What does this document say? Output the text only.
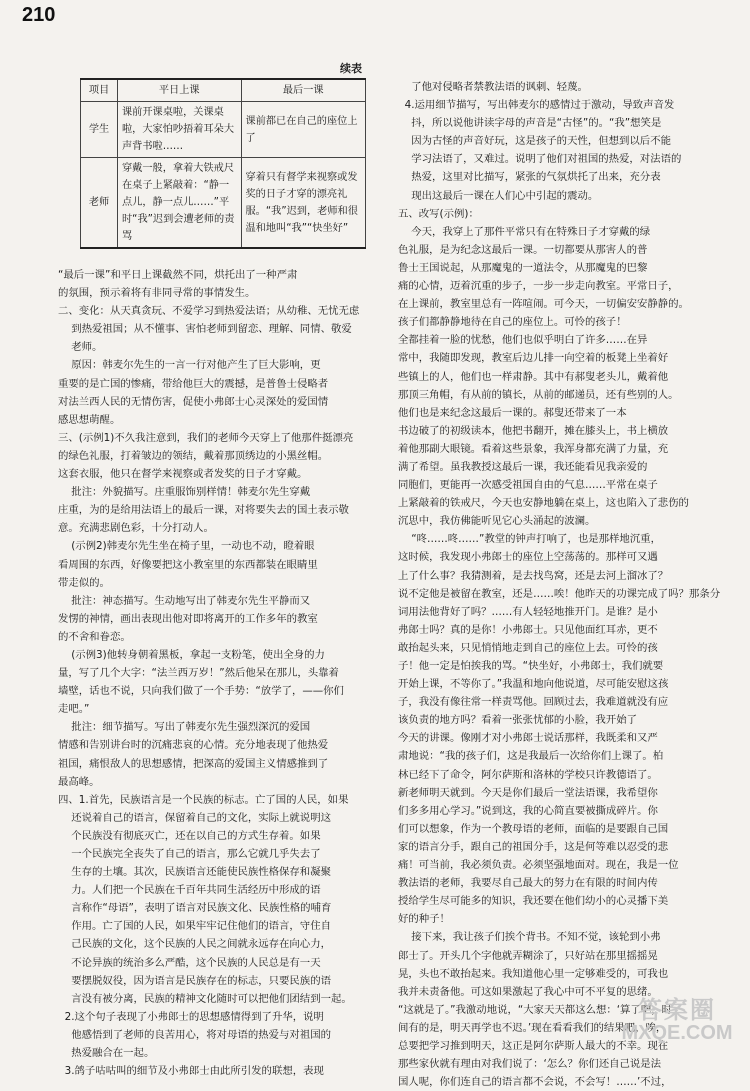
210
续表
项目	平日上课	最后一课
学生	课前开课桌啦，关课桌啦，大家怕吵捂着耳朵大声背书啦……	课前都已在自己的座位上了
老师	穿戴一般，拿着大铁戒尺在桌子上紧敲着：“静一点儿，静一点儿……”平时“我”迟到会遭老师的责骂	穿着只有督学来视察或发奖的日子才穿的漂亮礼服。“我”迟到，老师和很温和地叫“我”“快坐好”

“最后一课”和平日上课截然不同，烘托出了一种严肃

的氛围，预示着将有非同寻常的事情发生。

二、变化：从天真贪玩、不爱学习到热爱法语；从幼稚、无忧无虑

到热爱祖国；从不懂事、害怕老师到留恋、理解、同情、敬爱

老师。

原因：韩麦尔先生的一言一行对他产生了巨大影响，更

重要的是亡国的惨痛，带给他巨大的震撼，是普鲁士侵略者

对法兰西人民的无情伤害，促使小弗郎士心灵深处的爱国情

感思想萌醒。

三、(示例1)不久我注意到，我们的老师今天穿上了他那件挺漂亮

的绿色礼服，打着皱边的领结，戴着那顶绣边的小黑丝帽。

这套衣服，他只在督学来视察或者发奖的日子才穿戴。

批注：外貌描写。庄重服饰别样情！韩麦尔先生穿戴

庄重，为的是给用法语上的最后一课，对将要失去的国土表示敬

意。充满悲剧色彩，十分打动人。

(示例2)韩麦尔先生坐在椅子里，一动也不动，瞪着眼

看周围的东西，好像要把这小教室里的东西都装在眼睛里

带走似的。

批注：神态描写。生动地写出了韩麦尔先生平静而又

发愣的神情，画出表现出他对即将离开的工作多年的教室

的不舍和眷恋。

(示例3)他转身朝着黑板，拿起一支粉笔，使出全身的力

量，写了几个大字：“法兰西万岁！”然后他呆在那儿，头靠着

墙壁，话也不说，只向我们做了一个手势：“放学了，——你们

走吧。”

批注：细节描写。写出了韩麦尔先生强烈深沉的爱国

情感和告别讲台时的沉痛悲哀的心情。充分地表现了他热爱

祖国，痛恨敌人的思想感情，把深高的爱国主义情感推到了

最高峰。

四、1.首先，民族语言是一个民族的标志。亡了国的人民，如果

还说着自己的语言，保留着自己的文化，实际上就说明这

个民族没有彻底灭亡，还在以自己的方式生存着。如果

一个民族完全丧失了自己的语言，那么它就几乎失去了

生存的土壤。其次，民族语言还能使民族性格保存和凝聚

力。人们把一个民族在千百年共同生活经历中形成的语

言称作“母语”，表明了语言对民族文化、民族性格的哺育

作用。亡了国的人民，如果牢牢记住他们的语言，守住自

己民族的文化，这个民族的人民之间就永远存在向心力，

不论异族的统治多么严酷，这个民族的人民总是有一天

要摆脱奴役，因为语言是民族存在的标志，只要民族的语

言没有被分离，民族的精神文化随时可以把他们团结到一起。

2.这个句子表现了小弗郎士的思想感情得到了升华，说明

他感悟到了老师的良苦用心，将对母语的热爱与对祖国的

热爱融合在一起。

3.鸽子咕咕叫的细节及小弗郎士由此所引发的联想，表现

了他对侵略者禁教法语的讽刺、轻蔑。

4.运用细节描写，写出韩麦尔的感情过于激动，导致声音发

抖，所以说他讲读字母的声音是“古怪”的。“我”想笑是

因为古怪的声音好玩，这是孩子的天性，但想到以后不能

学习法语了，又难过。说明了他们对祖国的热爱，对法语的

热爱，这里对比描写，紧张的气氛烘托了出来，充分表

现出这最后一课在人们心中引起的震动。

五、改写(示例)：

今天，我穿上了那件平常只有在特殊日子才穿戴的绿

色礼服，是为纪念这最后一课。一切都要从那害人的普

鲁士王国说起，从那魔鬼的一道法令，从那魔鬼的巴黎

痛的心情，迈着沉重的步子，一步一步走向教室。平常日子，

在上课前，教室里总有一阵喧闹。可今天，一切偏安安静静的。

孩子们都静静地待在自己的座位上。可怜的孩子！

全都挂着一脸的忧愁，他们也似乎明白了许多……在异

常中，我随即发现，教室后边儿排一向空着的板凳上坐着好

些镇上的人，他们也一样肃静。其中有郝叟老头儿，戴着他

那顶三角帽，有从前的镇长，从前的邮递员，还有些别的人。

他们也是来纪念这最后一课的。郝叟还带来了一本

书边破了的初级读本，他把书翻开，摊在膝头上，书上横放

着他那副大眼镜。看着这些景象，我浑身都充满了力量，充

满了希望。虽我教授这最后一课，我还能看见我亲爱的

同胞们，更能再一次感受祖国自由的气息……平常在桌子

上紧敲着的铁戒尺，今天也安静地躺在桌上，这也陷入了悲伤的

沉思中，我仿佛能听见它心头涌起的波澜。

“咚……咚……”教堂的钟声打响了，也是那样地沉重，

这时候，我发现小弗郎士的座位上空荡荡的。那样可又遇

上了什么事？我猜测着，是去找鸟窝，还是去河上溜冰了？

说不定他是被留在教室，还是……唉！他昨天的功课完成了吗？那条分

词用法他背好了吗？……有人轻轻地推开门。是谁？是小

弗郎士吗？真的是你！小弗郎士。只见他面红耳赤，更不

敢抬起头来，只见悄悄地走到自己的座位上去。可怜的孩

子！他一定是怕挨我的骂。“快坐好，小弗郎士，我们就要

开始上课，不等你了。”我温和地向他说道，尽可能安慰这孩

子，我没有像往常一样责骂他。回顾过去，我难道就没有应

该负责的地方吗？看着一张张忧郁的小脸，我开始了

今天的讲课。像刚才对小弗郎士说话那样，我既柔和又严

肃地说：“我的孩子们，这是我最后一次给你们上课了。柏

林已经下了命令，阿尔萨斯和洛林的学校只许教德语了。

新老师明天就到。今天是你们最后一堂法语课，我希望你

们多多用心学习。”说到这，我的心简直要被撕成碎片。你

们可以想象，作为一个教母语的老师，面临的是要跟自己国

家的语言分手，跟自己的祖国分手，这是何等难以忍受的悲

痛！可当前，我必须负责。必须坚强地面对。现在，我是一位

教法语的老师，我要尽自己最大的努力在有限的时间内传

授给学生尽可能多的知识，我还要在他们幼小的心灵播下美

好的种子！

接下来，我让孩子们挨个背书。不知不觉，该轮到小弗

郎士了。开头几个字他就弄糊涂了，只好站在那里摇摇晃

晃，头也不敢抬起来。我知道他心里一定够难受的，可我也

我并未责备他。可这如果激起了我心中可不平复的思绪。

“这就是了。”我激动地说，“大家天天都这么想：‘算了吧，时

间有的是，明天再学也不迟。’现在看看我们的结果吧，唉，

总要把学习推到明天，这正是阿尔萨斯人最大的不幸。现在

那些家伙就有理由对我们说了：‘怎么？你们还自己说是法

国人呢，你们连自己的语言都不会说，不会写！……’不过，

答案圈
MXQE.COM
